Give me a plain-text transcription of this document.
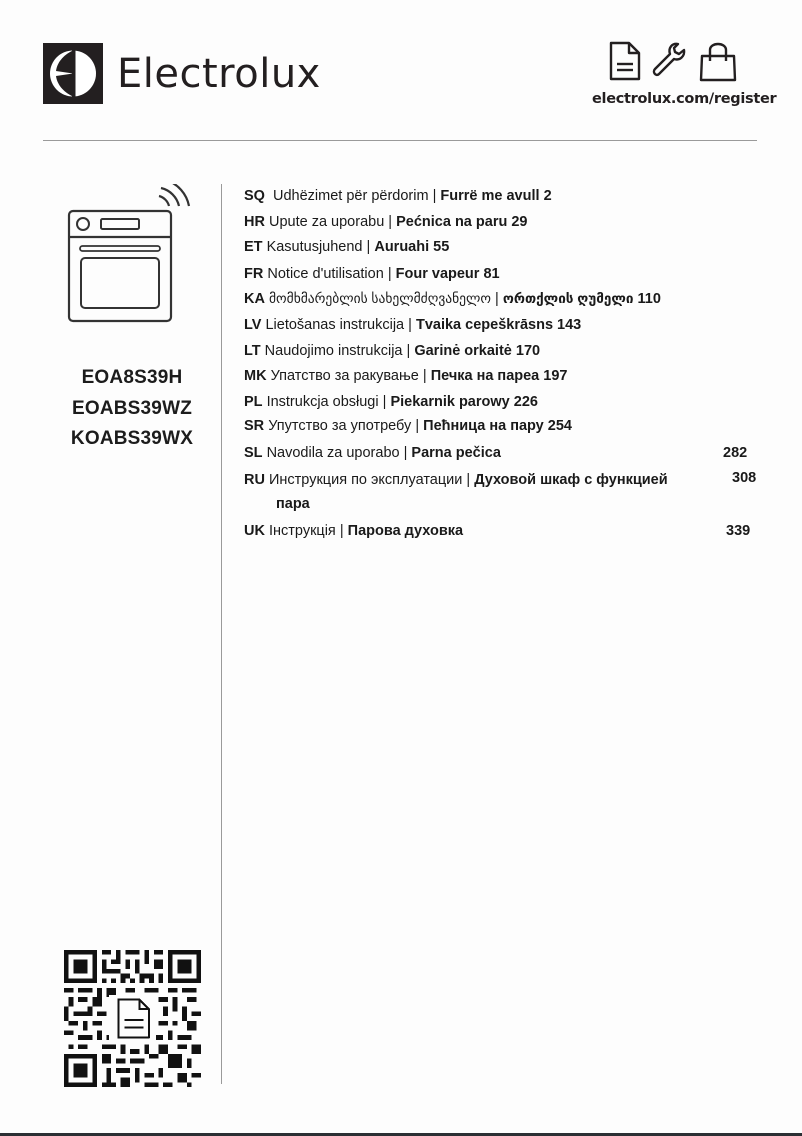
Electrolux
electrolux.com/register
EOA8S39H
EOABS39WZ
KOABS39WX
SQ Udhëzimet për përdorim | Furrë me avull 2
HR Upute za uporabu | Pećnica na paru 29
ET Kasutusjuhend | Auruahi 55
FR Notice d'utilisation | Four vapeur 81
KA მომხმარებლის სახელმძღვანელო | ორთქლის ღუმელი 110
LV Lietošanas instrukcija | Tvaika cepeškrāsns 143
LT Naudojimo instrukcija | Garinė orkaitė 170
MK Упатство за ракување | Печка на пареа 197
PL Instrukcja obsługi | Piekarnik parowy 226
SR Упутство за употребу | Пећница на пару 254
SL Navodila za uporabo | Parna pečica	282
RU Инструкция по эксплуатации | Духовой шкаф с функцией
пара
308
UK Інструкція | Парова духовка	339
